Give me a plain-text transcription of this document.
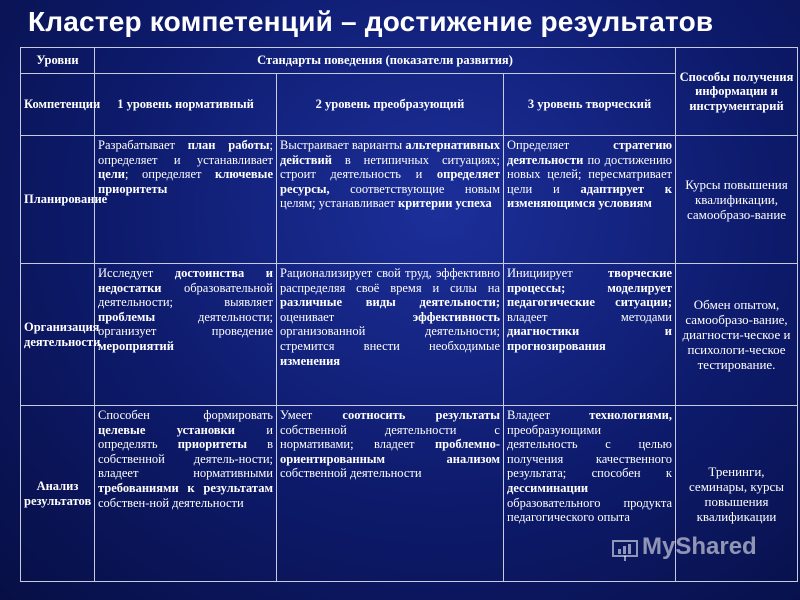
Кластер компетенций – достижение результатов
Уровни	Стандарты поведения (показатели развития)			Способы получения информации и инструментарий
Компетенции	1 уровень нормативный	2 уровень преобразующий	3 уровень творческий	
Планирование	Разрабатывает план работы; определяет и устанавливает цели; определяет ключевые приоритеты	Выстраивает варианты альтернативных действий в нетипичных ситуациях; строит деятельность и определяет ресурсы, соответствующие новым целям; устанавливает критерии успеха	Определяет стратегию деятельности по достижению новых целей; пересматривает цели и адаптирует к изменяющимся условиям	Курсы повышения квалификации, самообразо-вание
Организация деятельности	Исследует достоинства и недостатки образовательной деятельности; выявляет проблемы деятельности; организует проведение мероприятий	Рационализирует свой труд, эффективно распределяя своё время и силы на различные виды деятельности; оценивает эффективность организованной деятельности; стремится внести необходимые изменения	Инициирует творческие процессы; моделирует педагогические ситуации; владеет методами диагностики и прогнозирования	Обмен опытом, самообразо-вание, диагности-ческое и психологи-ческое тестирование.
Анализ результатов	Способен формировать целевые установки и определять приоритеты в собственной деятель-ности; владеет нормативными требованиями к результатам собствен-ной деятельности	Умеет соотносить результаты собственной деятельности с нормативами; владеет проблемно-ориентированным анализом собственной деятельности	Владеет технологиями, преобразующими деятельность с целью получения качественного результата; способен к дессиминации образовательного продукта педагогического опыта	Тренинги, семинары, курсы повышения квалификации
MyShared
